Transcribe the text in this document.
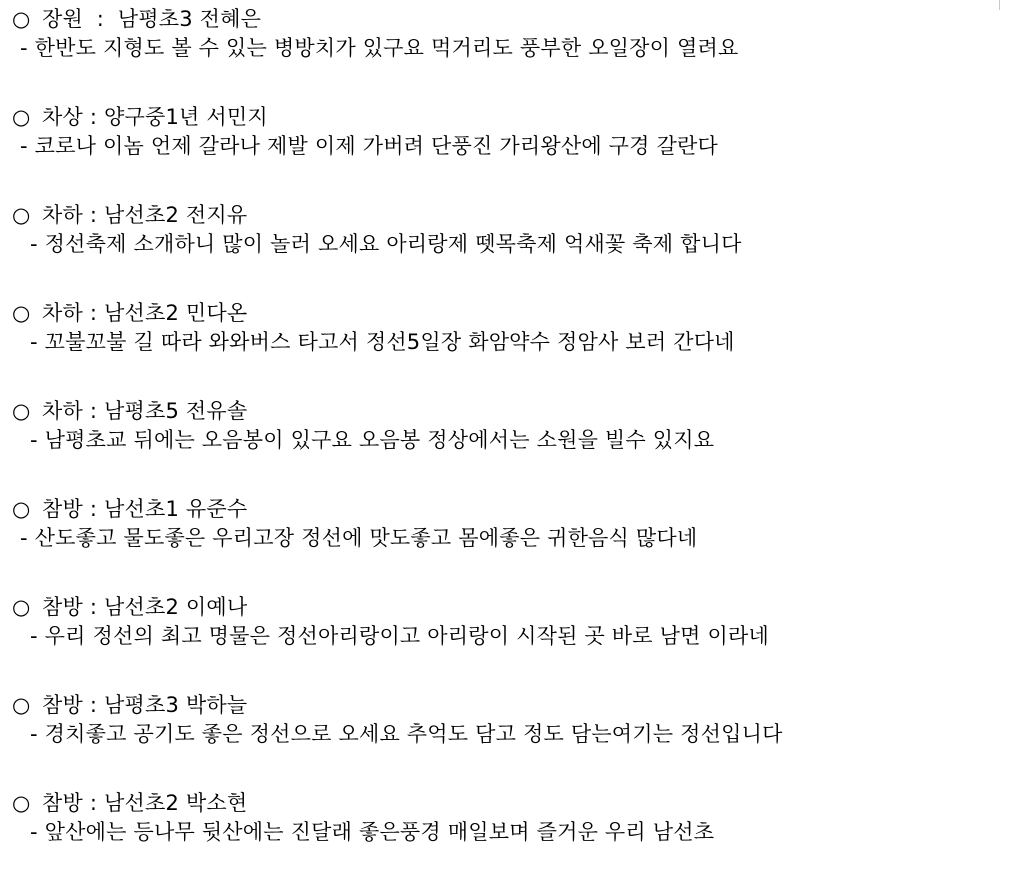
○ 장원  :  남평초3 전혜은
- 한반도 지형도 볼 수 있는 병방치가 있구요 먹거리도 풍부한 오일장이 열려요
○ 차상 : 양구중1년 서민지
- 코로나 이놈 언제 갈라나 제발 이제 가버려 단풍진 가리왕산에 구경 갈란다
○ 차하 : 남선초2 전지유
- 정선축제 소개하니 많이 놀러 오세요 아리랑제 뗏목축제 억새꽃 축제 합니다
○ 차하 : 남선초2 민다온
- 꼬불꼬불 길 따라 와와버스 타고서 정선5일장 화암약수 정암사 보러 간다네
○ 차하 : 남평초5 전유솔
- 남평초교 뒤에는 오음봉이 있구요 오음봉 정상에서는 소원을 빌수 있지요
○ 참방 : 남선초1 유준수
- 산도좋고 물도좋은 우리고장 정선에 맛도좋고 몸에좋은 귀한음식 많다네
○ 참방 : 남선초2 이예나
- 우리 정선의 최고 명물은 정선아리랑이고 아리랑이 시작된 곳 바로 남면 이라네
○ 참방 : 남평초3 박하늘
- 경치좋고 공기도 좋은 정선으로 오세요 추억도 담고 정도 담는여기는 정선입니다
○ 참방 : 남선초2 박소현
- 앞산에는 등나무 뒷산에는 진달래 좋은풍경 매일보며 즐거운 우리 남선초
